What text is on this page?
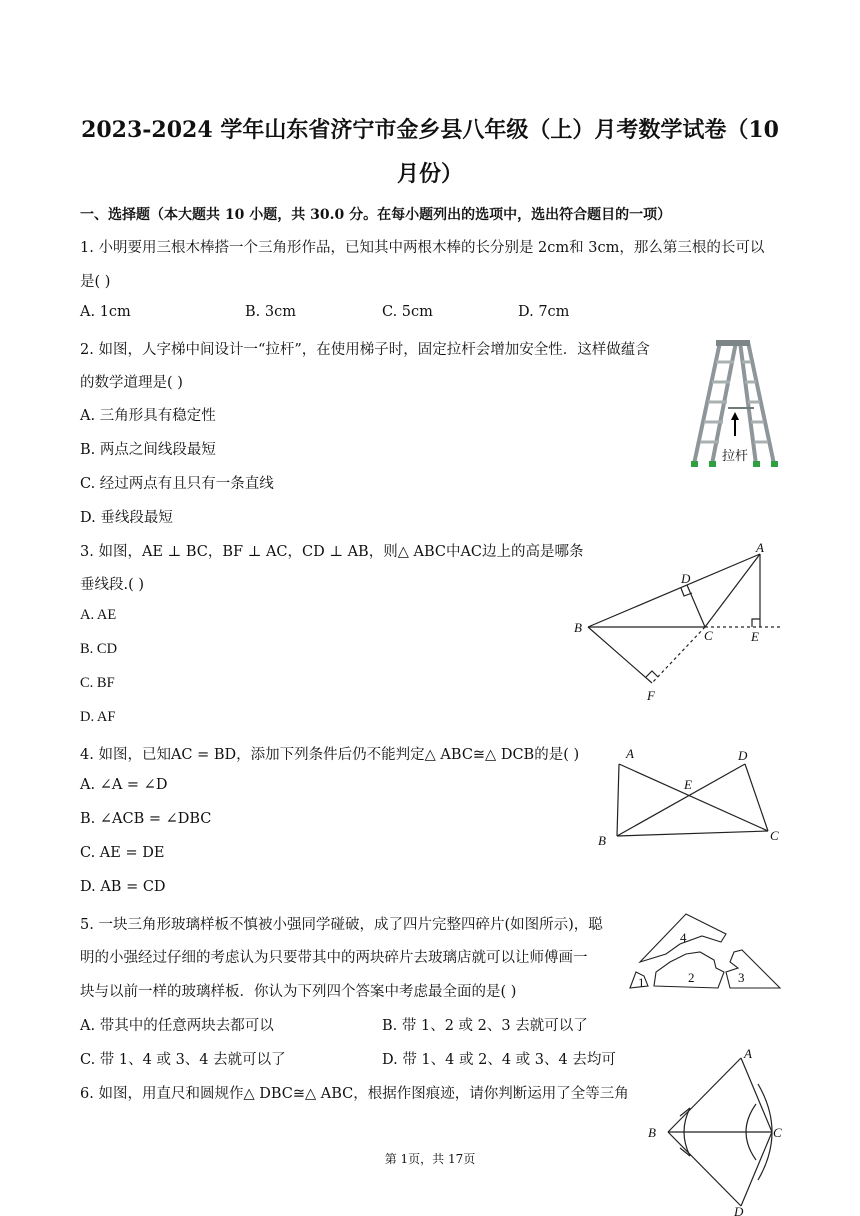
2023-2024 学年山东省济宁市金乡县八年级（上）月考数学试卷（10
月份）
一、选择题（本大题共 10 小题，共 30.0 分。在每小题列出的选项中，选出符合题目的一项）
1. 小明要用三根木棒搭一个三角形作品，已知其中两根木棒的长分别是 2cm和 3cm，那么第三根的长可以
是( )
A. 1cm	B. 3cm	C. 5cm	D. 7cm
2. 如图，人字梯中间设计一“拉杆”，在使用梯子时，固定拉杆会增加安全性．这样做蕴含
的数学道理是( )
A. 三角形具有稳定性
B. 两点之间线段最短
C. 经过两点有且只有一条直线
D. 垂线段最短
拉杆
3. 如图，AE ⊥ BC，BF ⊥ AC，CD ⊥ AB，则△ ABC中AC边上的高是哪条
垂线段.( )
A. AE
B. CD
C. BF
D. AF
A
B
C
D
E
F
4. 如图，已知AC = BD，添加下列条件后仍不能判定△ ABC≅△ DCB的是( )
A. ∠A = ∠D
B. ∠ACB = ∠DBC
C. AE = DE
D. AB = CD
A	D
E
B	C
5. 一块三角形玻璃样板不慎被小强同学碰破，成了四片完整四碎片(如图所示)，聪
明的小强经过仔细的考虑认为只要带其中的两块碎片去玻璃店就可以让师傅画一
块与以前一样的玻璃样板．你认为下列四个答案中考虑最全面的是( )
A. 带其中的任意两块去都可以	B. 带 1、2 或 2、3 去就可以了
C. 带 1、4 或 3、4 去就可以了	D. 带 1、4 或 2、4 或 3、4 去均可
4
1	2	3
6. 如图，用直尺和圆规作△ DBC≅△ ABC，根据作图痕迹，请你判断运用了全等三角
A
B	C
D
第 1页，共 17页
